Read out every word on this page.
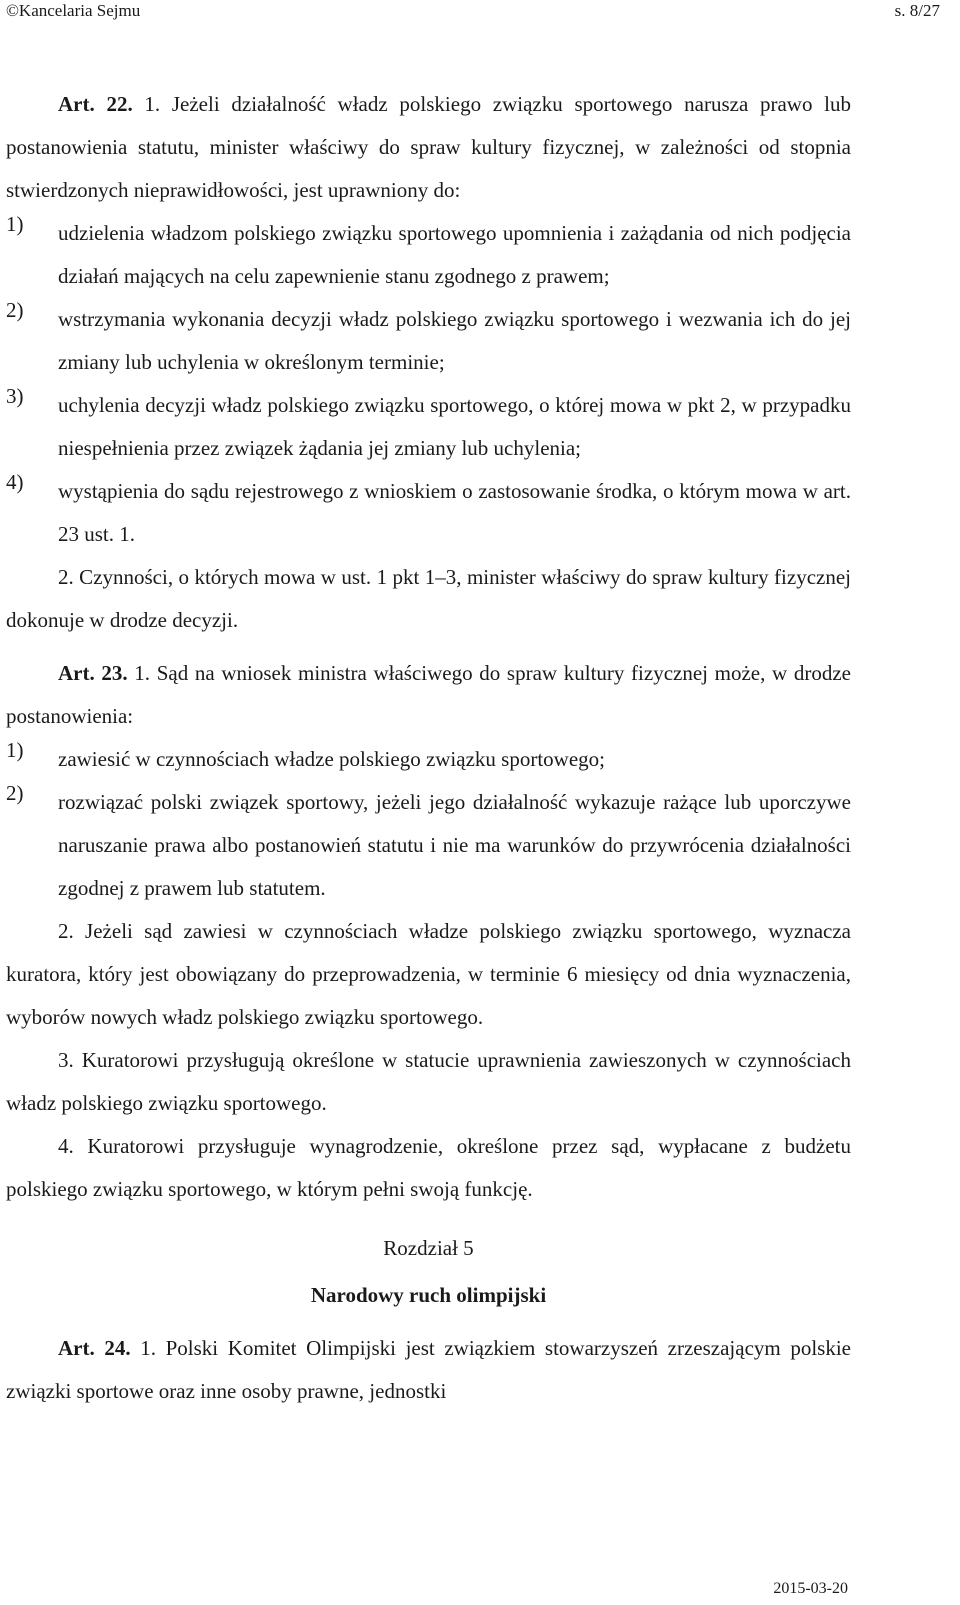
©Kancelaria Sejmu	s. 8/27

Art. 22. 1. Jeżeli działalność władz polskiego związku sportowego narusza prawo lub postanowienia statutu, minister właściwy do spraw kultury fizycznej, w zależności od stopnia stwierdzonych nieprawidłowości, jest uprawniony do:

1)	udzielenia władzom polskiego związku sportowego upomnienia i zażądania od nich podjęcia działań mających na celu zapewnienie stanu zgodnego z prawem;
2)	wstrzymania wykonania decyzji władz polskiego związku sportowego i wezwania ich do jej zmiany lub uchylenia w określonym terminie;
3)	uchylenia decyzji władz polskiego związku sportowego, o której mowa w pkt 2, w przypadku niespełnienia przez związek żądania jej zmiany lub uchylenia;
4)	wystąpienia do sądu rejestrowego z wnioskiem o zastosowanie środka, o którym mowa w art. 23 ust. 1.

2. Czynności, o których mowa w ust. 1 pkt 1–3, minister właściwy do spraw kultury fizycznej dokonuje w drodze decyzji.

Art. 23. 1. Sąd na wniosek ministra właściwego do spraw kultury fizycznej może, w drodze postanowienia:

1)	zawiesić w czynnościach władze polskiego związku sportowego;
2)	rozwiązać polski związek sportowy, jeżeli jego działalność wykazuje rażące lub uporczywe naruszanie prawa albo postanowień statutu i nie ma warunków do przywrócenia działalności zgodnej z prawem lub statutem.

2. Jeżeli sąd zawiesi w czynnościach władze polskiego związku sportowego, wyznacza kuratora, który jest obowiązany do przeprowadzenia, w terminie 6 miesięcy od dnia wyznaczenia, wyborów nowych władz polskiego związku sportowego.

3. Kuratorowi przysługują określone w statucie uprawnienia zawieszonych w czynnościach władz polskiego związku sportowego.

4. Kuratorowi przysługuje wynagrodzenie, określone przez sąd, wypłacane z budżetu polskiego związku sportowego, w którym pełni swoją funkcję.

Rozdział 5

Narodowy ruch olimpijski

Art. 24. 1. Polski Komitet Olimpijski jest związkiem stowarzyszeń zrzeszającym polskie związki sportowe oraz inne osoby prawne, jednostki

2015-03-20
